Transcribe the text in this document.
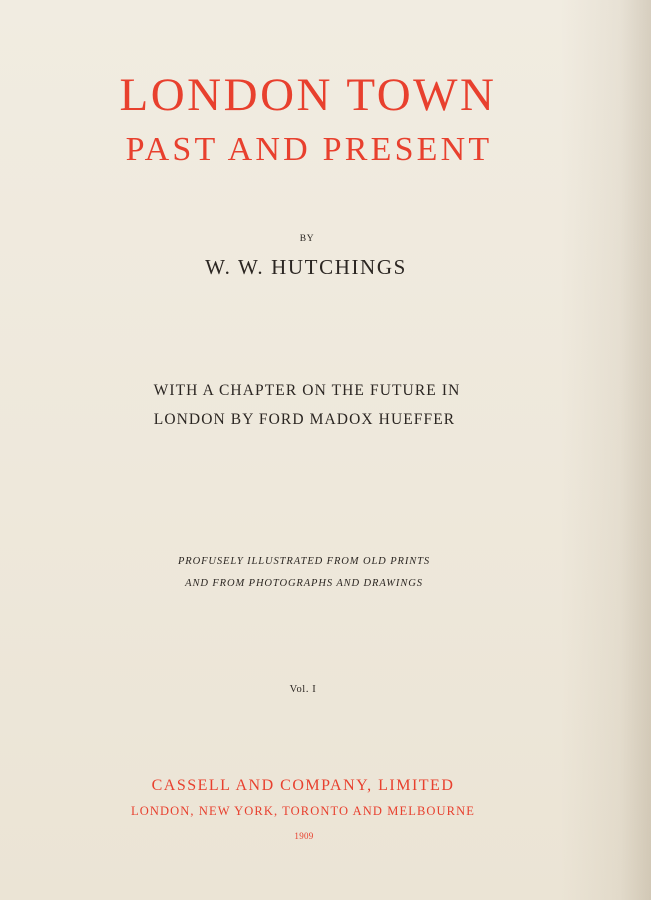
LONDON TOWN
PAST AND PRESENT
BY
W. W. HUTCHINGS
WITH A CHAPTER ON THE FUTURE IN
LONDON BY FORD MADOX HUEFFER
PROFUSELY ILLUSTRATED FROM OLD PRINTS
AND FROM PHOTOGRAPHS AND DRAWINGS
Vol. I
CASSELL AND COMPANY, LIMITED
LONDON, NEW YORK, TORONTO AND MELBOURNE
1909
